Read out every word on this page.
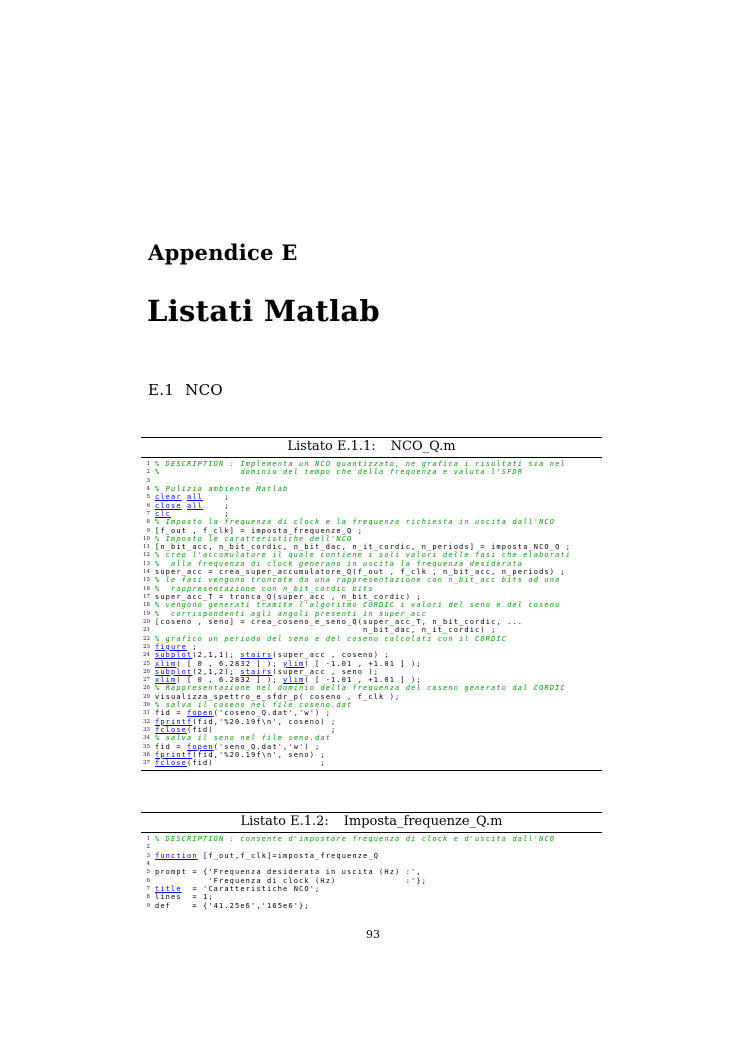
Appendice E
Listati Matlab
E.1 NCO
Listato E.1.1: NCO_Q.m
1 % DESCRIPTION : Implementa un NCO quantizzato, ne grafica i risultati sia nel
2 %               dominio del tempo che della frequenza e valuta l'SFDR
3

4 % Pulizia ambiente Matlab
5 clear all    ;
6 close all    ;
7 clc          ;
8 % Imposto la frequenza di clock e la frequenza richiesta in uscita dall'NCO
9 [f_out , f_clk] = imposta_frequenze_Q ;
10 % Imposto le caratteristiche dell'NCO
11 [n_bit_acc, n_bit_cordic, n_bit_dac, n_it_cordic, n_periods] = imposta_NCO_Q ;
12 % creo l'accumulatore il quale contiene i soli valori delle fasi che elaborati
13 %  alla frequenza di clock generano in uscita la frequenza desiderata
14 super_acc = crea_super_accumulatore_Q(f_out , f_clk , n_bit_acc, n_periods) ;
15 % le fasi vengono troncate da una rappresentazione con n_bit_acc bits ad una
16 %  rappresentazione con n_bit_cordic bits
17 super_acc_T = tronca_Q(super_acc , n_bit_cordic) ;
18 % vengono generati tramite l'algoritmo CORDIC i valori del seno e del coseno
19 %  corrispondenti agli angoli presenti in super_acc
20 [coseno , seno] = crea_coseno_e_seno_Q(super_acc_T, n_bit_cordic, ...
21 n_bit_dac, n_it_cordic) ;
22 % grafico un periodo del seno e del coseno calcolati con il CORDIC
23 figure ;
24 subplot(2,1,1); stairs(super_acc , coseno) ;
25 xlim( [ 0 , 6.2832 ] ); ylim( [ -1.01 , +1.01 ] );
26 subplot(2,1,2); stairs(super_acc , seno );
27 xlim( [ 0 , 6.2832 ] ); ylim( [ -1.01 , +1.01 ] );
28 % Rappresentazione nel dominio della frequenza del coseno generato dal CORDIC
29 visualizza_spettro_e_sfdr_p( coseno , f_clk );
30 % salva il coseno nel file coseno.dat
31 fid = fopen('coseno_Q.dat','w') ;
32 fprintf(fid,'%20.19f\n', coseno) ;
33 fclose(fid)                      ;
34 % salva il seno nel file seno.dat
35 fid = fopen('seno_Q.dat','w') ;
36 fprintf(fid,'%20.19f\n', seno) ;
37 fclose(fid)                    ;
Listato E.1.2: Imposta_frequenze_Q.m
1 % DESCRIPTION : consente d'impostare frequenza di clock e d'uscita dall'NCO
2

3 function [f_out,f_clk]=imposta_frequenze_Q
4

5 prompt = {'Frequenza desiderata in uscita (Hz) :',
6 'Frequenza di clock (Hz)             :'};
7 title  = 'Caratteristiche NCO';
8 lines  = 1;
9 def    = {'41.25e6','165e6'};
93
